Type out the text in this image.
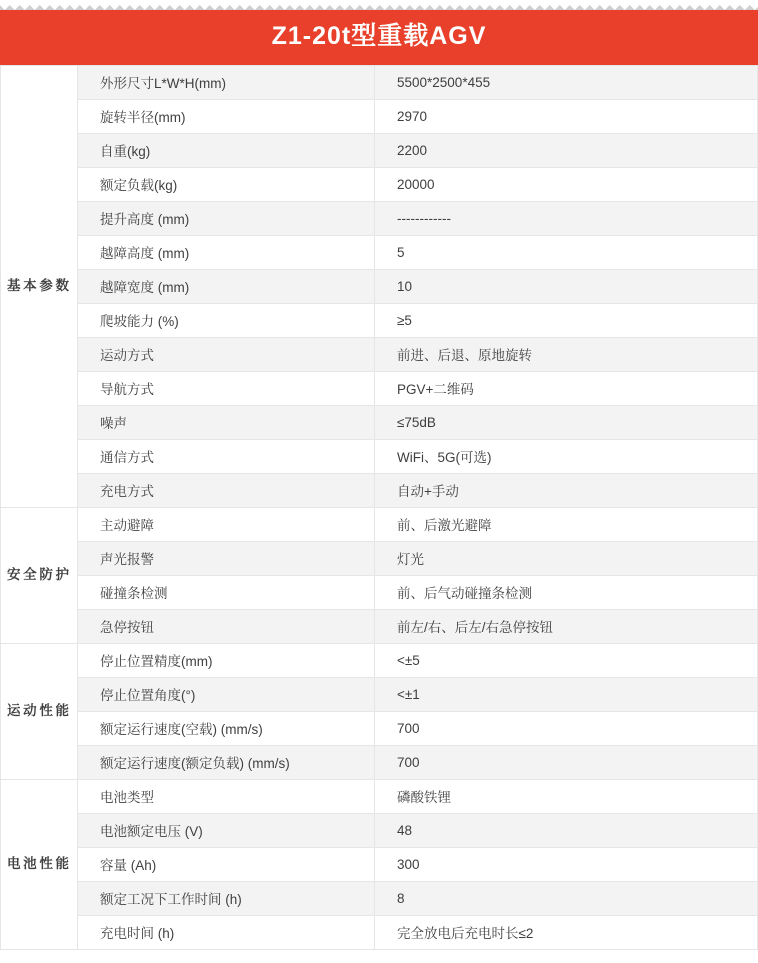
Z1-20t型重载AGV
基本参数	外形尺寸L*W*H(mm)	5500*2500*455
	旋转半径(mm)	2970
	自重(kg)	2200
	额定负载(kg)	20000
	提升高度 (mm)	------------
	越障高度 (mm)	5
	越障宽度 (mm)	10
	爬坡能力 (%)	≥5
	运动方式	前进、后退、原地旋转
	导航方式	PGV+二维码
	噪声	≤75dB
	通信方式	WiFi、5G(可选)
	充电方式	自动+手动
安全防护	主动避障	前、后激光避障
	声光报警	灯光
	碰撞条检测	前、后气动碰撞条检测
	急停按钮	前左/右、后左/右急停按钮
运动性能	停止位置精度(mm)	<±5
	停止位置角度(°)	<±1
	额定运行速度(空载) (mm/s)	700
	额定运行速度(额定负载) (mm/s)	700
电池性能	电池类型	磷酸铁锂
	电池额定电压 (V)	48
	容量 (Ah)	300
	额定工况下工作时间 (h)	8
	充电时间 (h)	完全放电后充电时长≤2
